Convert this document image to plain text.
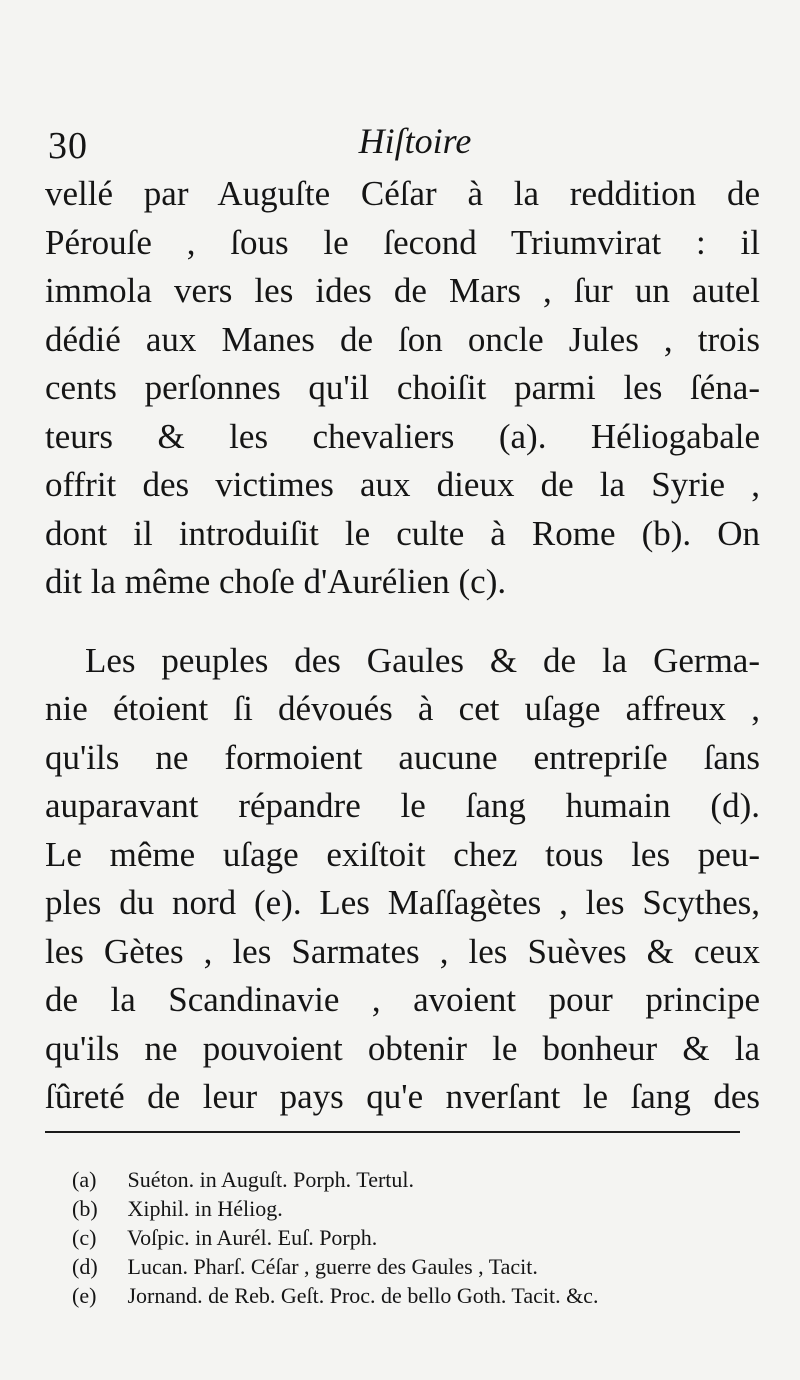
30	Hiſtoire
vellé par Auguſte Céſar à la reddition de
Pérouſe , ſous le ſecond Triumvirat : il
immola vers les ides de Mars , ſur un autel
dédié aux Manes de ſon oncle Jules , trois
cents perſonnes qu'il choiſit parmi les ſéna-
teurs & les chevaliers (a). Héliogabale
offrit des victimes aux dieux de la Syrie ,
dont il introduiſit le culte à Rome (b). On
dit la même choſe d'Aurélien (c).
Les peuples des Gaules & de la Germa-
nie étoient ſi dévoués à cet uſage affreux ,
qu'ils ne formoient aucune entrepriſe ſans
auparavant répandre le ſang humain (d).
Le même uſage exiſtoit chez tous les peu-
ples du nord (e). Les Maſſagètes , les Scythes,
les Gètes , les Sarmates , les Suèves & ceux
de la Scandinavie , avoient pour principe
qu'ils ne pouvoient obtenir le bonheur & la
ſûreté de leur pays qu'e nverſant le ſang des
(a) Suéton. in Auguſt. Porph. Tertul.
(b) Xiphil. in Héliog.
(c) Voſpic. in Aurél. Euſ. Porph.
(d) Lucan. Pharſ. Céſar , guerre des Gaules , Tacit.
(e) Jornand. de Reb. Geſt. Proc. de bello Goth. Tacit. &c.
